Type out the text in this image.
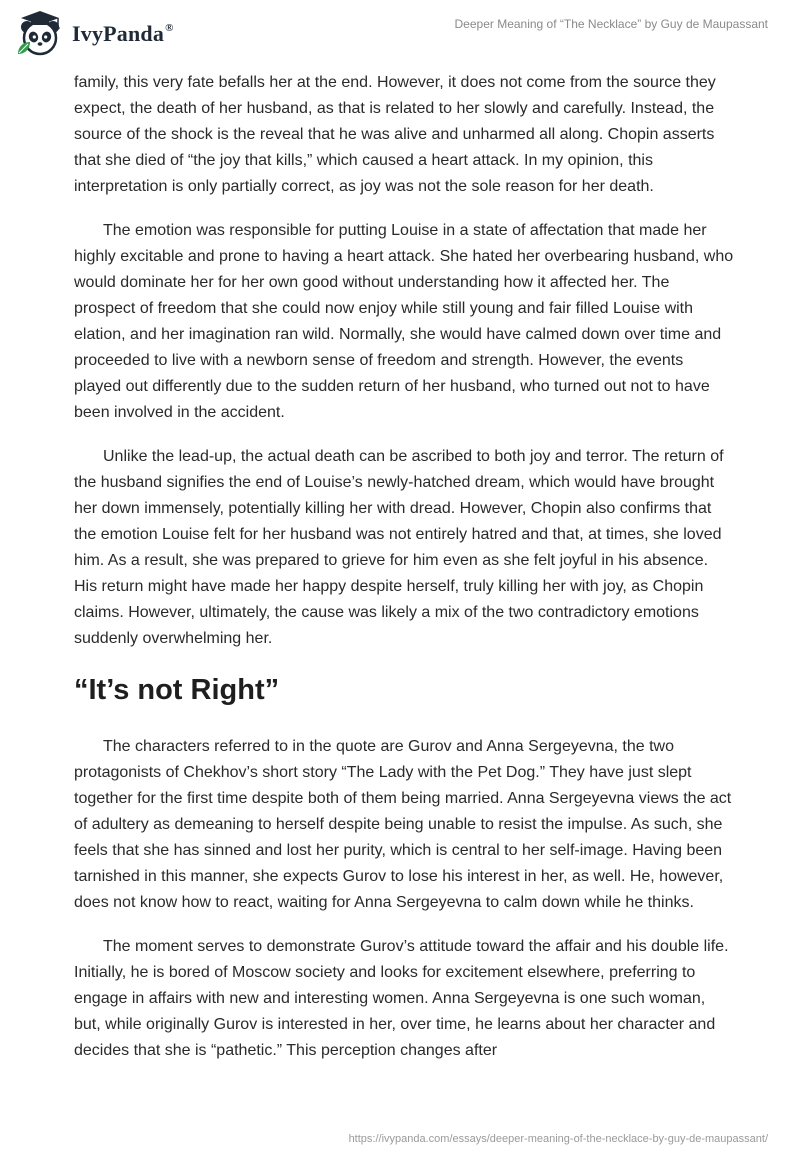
IvyPanda®	Deeper Meaning of “The Necklace” by Guy de Maupassant

family, this very fate befalls her at the end. However, it does not come from the source they expect, the death of her husband, as that is related to her slowly and carefully. Instead, the source of the shock is the reveal that he was alive and unharmed all along. Chopin asserts that she died of “the joy that kills,” which caused a heart attack. In my opinion, this interpretation is only partially correct, as joy was not the sole reason for her death.

The emotion was responsible for putting Louise in a state of affectation that made her highly excitable and prone to having a heart attack. She hated her overbearing husband, who would dominate her for her own good without understanding how it affected her. The prospect of freedom that she could now enjoy while still young and fair filled Louise with elation, and her imagination ran wild. Normally, she would have calmed down over time and proceeded to live with a newborn sense of freedom and strength. However, the events played out differently due to the sudden return of her husband, who turned out not to have been involved in the accident.

Unlike the lead-up, the actual death can be ascribed to both joy and terror. The return of the husband signifies the end of Louise’s newly-hatched dream, which would have brought her down immensely, potentially killing her with dread. However, Chopin also confirms that the emotion Louise felt for her husband was not entirely hatred and that, at times, she loved him. As a result, she was prepared to grieve for him even as she felt joyful in his absence. His return might have made her happy despite herself, truly killing her with joy, as Chopin claims. However, ultimately, the cause was likely a mix of the two contradictory emotions suddenly overwhelming her.

“It’s not Right”

The characters referred to in the quote are Gurov and Anna Sergeyevna, the two protagonists of Chekhov’s short story “The Lady with the Pet Dog.” They have just slept together for the first time despite both of them being married. Anna Sergeyevna views the act of adultery as demeaning to herself despite being unable to resist the impulse. As such, she feels that she has sinned and lost her purity, which is central to her self-image. Having been tarnished in this manner, she expects Gurov to lose his interest in her, as well. He, however, does not know how to react, waiting for Anna Sergeyevna to calm down while he thinks.

The moment serves to demonstrate Gurov’s attitude toward the affair and his double life. Initially, he is bored of Moscow society and looks for excitement elsewhere, preferring to engage in affairs with new and interesting women. Anna Sergeyevna is one such woman, but, while originally Gurov is interested in her, over time, he learns about her character and decides that she is “pathetic.” This perception changes after

https://ivypanda.com/essays/deeper-meaning-of-the-necklace-by-guy-de-maupassant/
